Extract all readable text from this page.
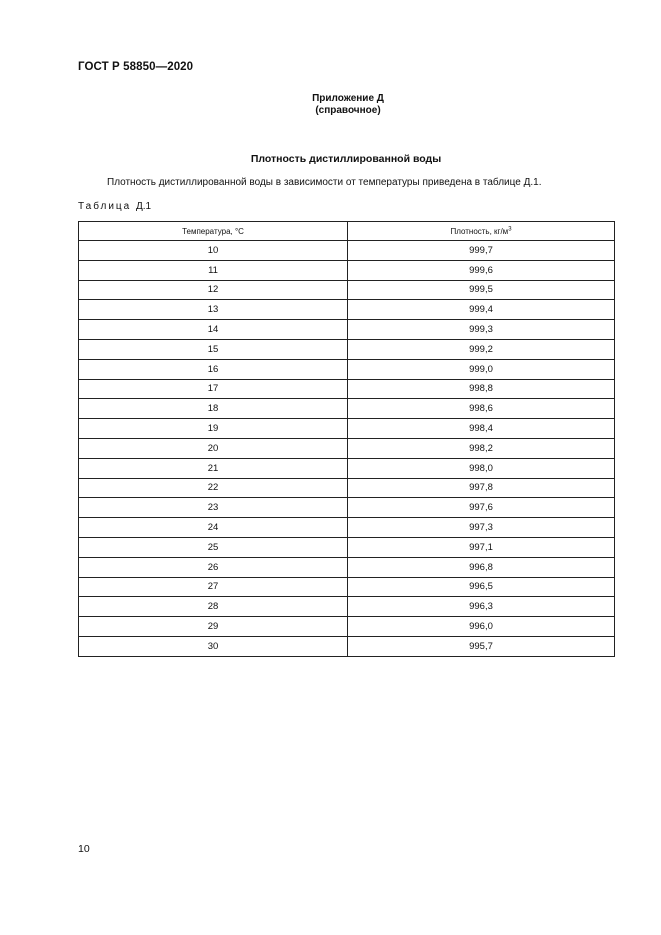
ГОСТ Р 58850—2020
Приложение Д
(справочное)
Плотность дистиллированной воды
Плотность дистиллированной воды в зависимости от температуры приведена в таблице Д.1.
Таблица Д.1
Температура, °С	Плотность, $кг/м^3$
10	999,7
11	999,6
12	999,5
13	999,4
14	999,3
15	999,2
16	999,0
17	998,8
18	998,6
19	998,4
20	998,2
21	998,0
22	997,8
23	997,6
24	997,3
25	997,1
26	996,8
27	996,5
28	996,3
29	996,0
30	995,7
10
